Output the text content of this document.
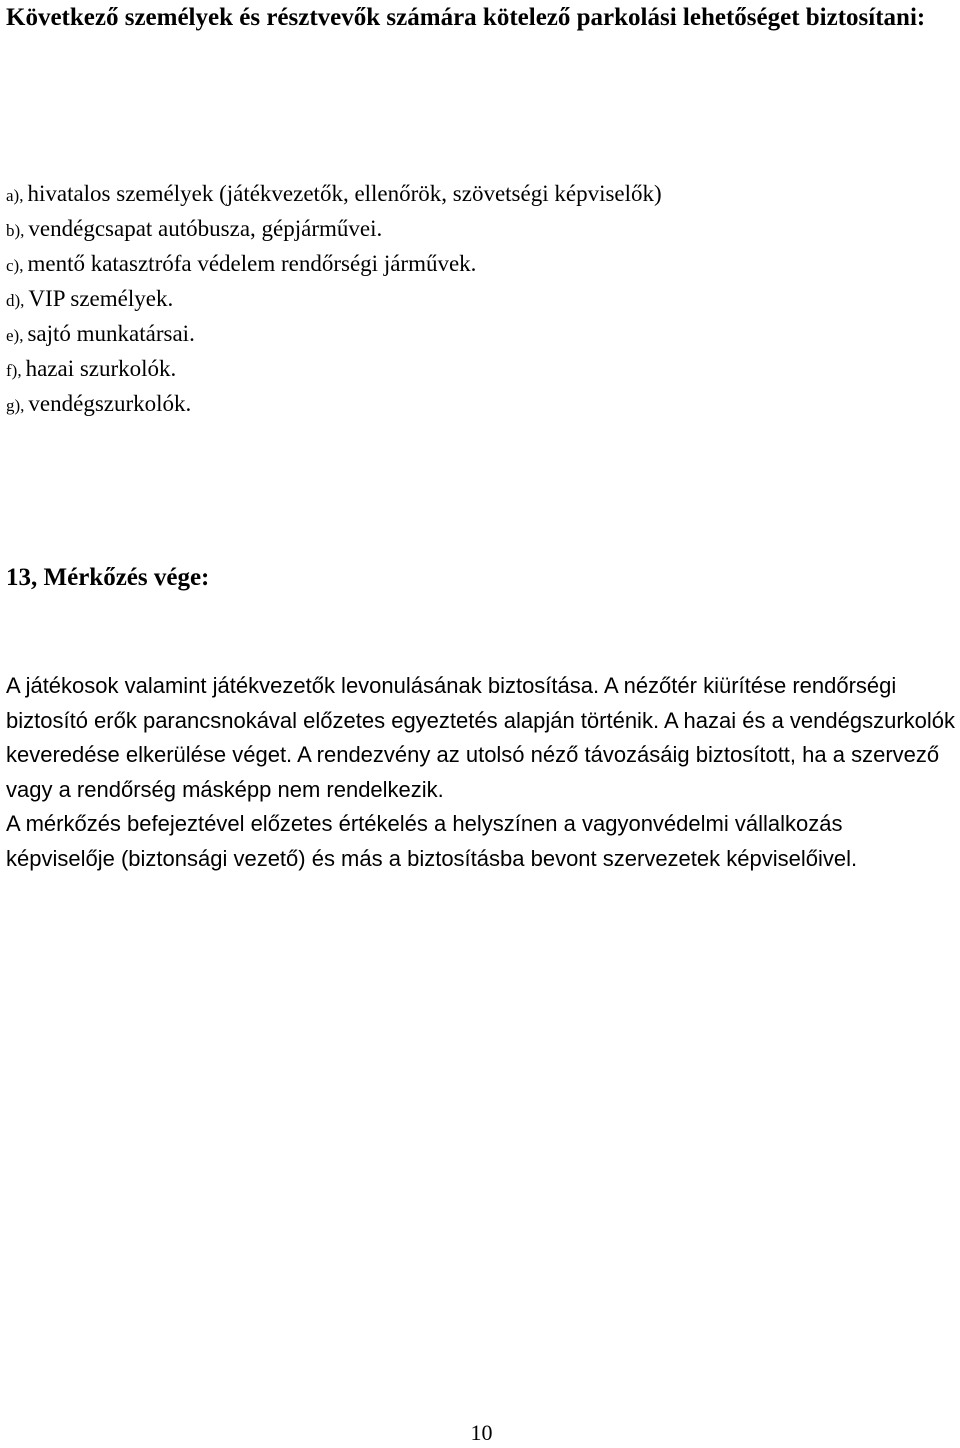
Következő személyek és résztvevők számára kötelező parkolási lehetőséget biztosítani:
a), hivatalos személyek (játékvezetők, ellenőrök, szövetségi képviselők)
b), vendégcsapat autóbusza, gépjárművei.
c), mentő katasztrófa védelem rendőrségi járművek.
d), VIP személyek.
e), sajtó munkatársai.
f), hazai szurkolók.
g), vendégszurkolók.
13, Mérkőzés vége:

A játékosok valamint játékvezetők levonulásának biztosítása. A nézőtér kiürítése rendőrségi biztosító erők parancsnokával előzetes egyeztetés alapján történik. A hazai és a vendégszurkolók keveredése elkerülése véget. A rendezvény az utolsó néző távozásáig biztosított, ha a szervező vagy a rendőrség másképp nem rendelkezik.

A mérkőzés befejeztével előzetes értékelés a helyszínen a vagyonvédelmi vállalkozás képviselője (biztonsági vezető) és más a biztosításba bevont szervezetek képviselőivel.

10
